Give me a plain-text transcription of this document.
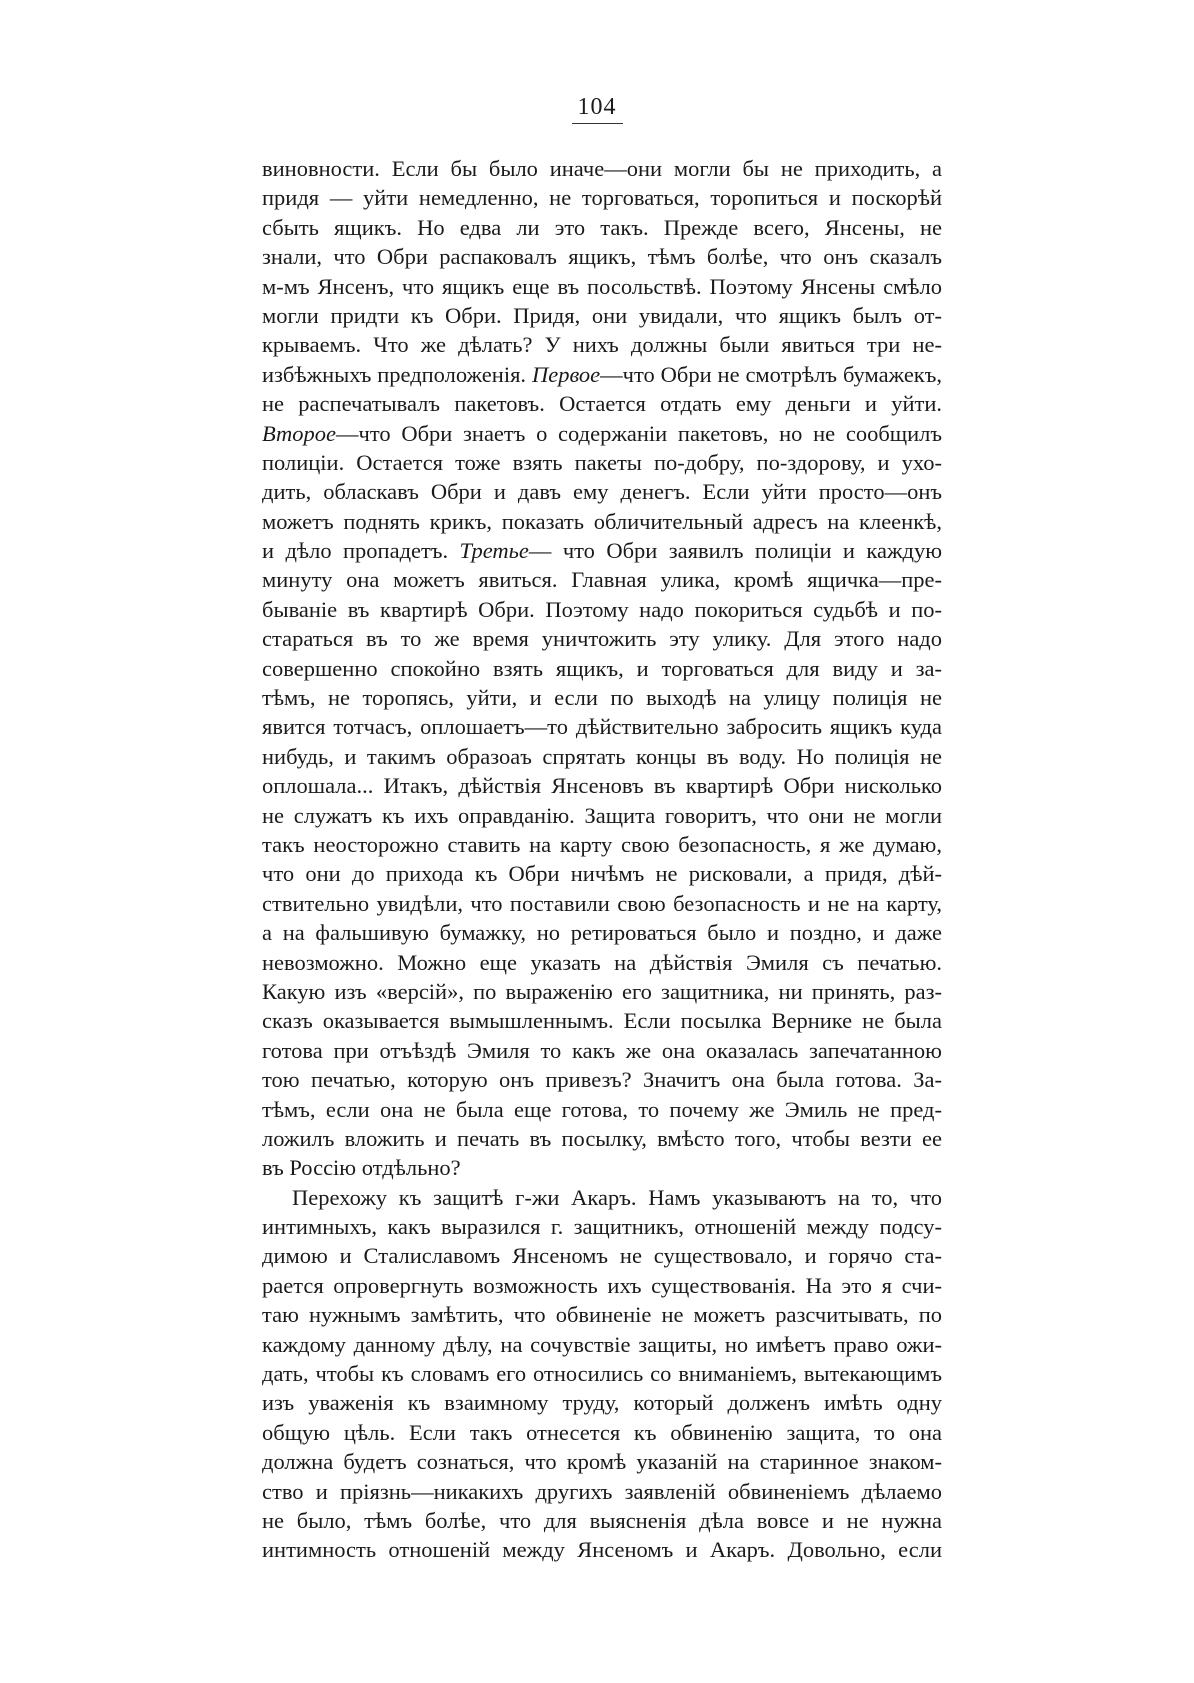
104
виновности. Если бы было иначе—они могли бы не приходить, а
придя — уйти немедленно, не торговаться, торопиться и поскорѣй
сбыть ящикъ. Но едва ли это такъ. Прежде всего, Янсены, не
знали, что Обри распаковалъ ящикъ, тѣмъ болѣе, что онъ сказалъ
м-мъ Янсенъ, что ящикъ еще въ посольствѣ. Поэтому Янсены смѣло
могли придти къ Обри. Придя, они увидали, что ящикъ былъ от-
крываемъ. Что же дѣлать? У нихъ должны были явиться три не-
избѣжныхъ предположенія. Первое—что Обри не смотрѣлъ бумажекъ,
не распечатывалъ пакетовъ. Остается отдать ему деньги и уйти.
Второе—что Обри знаетъ о содержаніи пакетовъ, но не сообщилъ
полиціи. Остается тоже взять пакеты по-добру, по-здорову, и ухо-
дить, обласкавъ Обри и давъ ему денегъ. Если уйти просто—онъ
можетъ поднять крикъ, показать обличительный адресъ на клеенкѣ,
и дѣло пропадетъ. Третье— что Обри заявилъ полиціи и каждую
минуту она можетъ явиться. Главная улика, кромѣ ящичка—пре-
бываніе въ квартирѣ Обри. Поэтому надо покориться судьбѣ и по-
стараться въ то же время уничтожить эту улику. Для этого надо
совершенно спокойно взять ящикъ, и торговаться для виду и за-
тѣмъ, не торопясь, уйти, и если по выходѣ на улицу полиція не
явится тотчасъ, оплошаетъ—то дѣйствительно забросить ящикъ куда
нибудь, и такимъ образоаъ спрятать концы въ воду. Но полиція не
оплошала... Итакъ, дѣйствія Янсеновъ въ квартирѣ Обри нисколько
не служатъ къ ихъ оправданію. Защита говоритъ, что они не могли
такъ неосторожно ставить на карту свою безопасность, я же думаю,
что они до прихода къ Обри ничѣмъ не рисковали, а придя, дѣй-
ствительно увидѣли, что поставили свою безопасность и не на карту,
а на фальшивую бумажку, но ретироваться было и поздно, и даже
невозможно. Можно еще указать на дѣйствія Эмиля съ печатью.
Какую изъ «версій», по выраженію его защитника, ни принять, раз-
сказъ оказывается вымышленнымъ. Если посылка Вернике не была
готова при отъѣздѣ Эмиля то какъ же она оказалась запечатанною
тою печатью, которую онъ привезъ? Значитъ она была готова. За-
тѣмъ, если она не была еще готова, то почему же Эмиль не пред-
ложилъ вложить и печать въ посылку, вмѣсто того, чтобы везти ее
въ Россію отдѣльно?
Перехожу къ защитѣ г-жи Акаръ. Намъ указываютъ на то, что
интимныхъ, какъ выразился г. защитникъ, отношеній между подсу-
димою и Сталиславомъ Янсеномъ не существовало, и горячо ста-
рается опровергнуть возможность ихъ существованія. На это я счи-
таю нужнымъ замѣтить, что обвиненіе не можетъ разсчитывать, по
каждому данному дѣлу, на сочувствіе защиты, но имѣетъ право ожи-
дать, чтобы къ словамъ его относились со вниманіемъ, вытекающимъ
изъ уваженія къ взаимному труду, который долженъ имѣть одну
общую цѣль. Если такъ отнесется къ обвиненію защита, то она
должна будетъ сознаться, что кромѣ указаній на старинное знаком-
ство и пріязнь—никакихъ другихъ заявленій обвиненіемъ дѣлаемо
не было, тѣмъ болѣе, что для выясненія дѣла вовсе и не нужна
интимность отношеній между Янсеномъ и Акаръ. Довольно, если
